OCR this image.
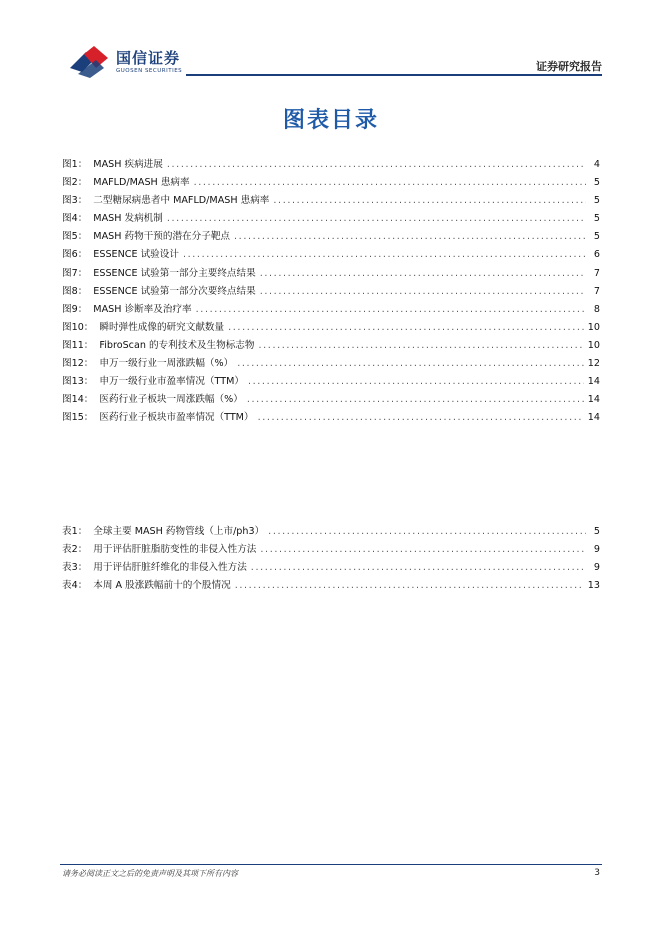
国信证券
GUOSEN SECURITIES	证券研究报告
图表目录
图1： MASH 疾病进展 .....	4
图2： MAFLD/MASH 患病率 .....	5
图3： 二型糖尿病患者中 MAFLD/MASH 患病率 .....	5
图4： MASH 发病机制 .....	5
图5： MASH 药物干预的潜在分子靶点 .....	5
图6： ESSENCE 试验设计 .....	6
图7： ESSENCE 试验第一部分主要终点结果 .....	7
图8： ESSENCE 试验第一部分次要终点结果 .....	7
图9： MASH 诊断率及治疗率 .....	8
图10： 瞬时弹性成像的研究文献数量 .....	10
图11： FibroScan 的专利技术及生物标志物 .....	10
图12： 申万一级行业一周涨跌幅（%） .....	12
图13： 申万一级行业市盈率情况（TTM） .....	14
图14： 医药行业子板块一周涨跌幅（%） .....	14
图15： 医药行业子板块市盈率情况（TTM） .....	14
表1： 全球主要 MASH 药物管线（上市/ph3） .....	5
表2： 用于评估肝脏脂肪变性的非侵入性方法 .....	9
表3： 用于评估肝脏纤维化的非侵入性方法 .....	9
表4： 本周 A 股涨跌幅前十的个股情况 .....	13
请务必阅读正文之后的免责声明及其项下所有内容	3
